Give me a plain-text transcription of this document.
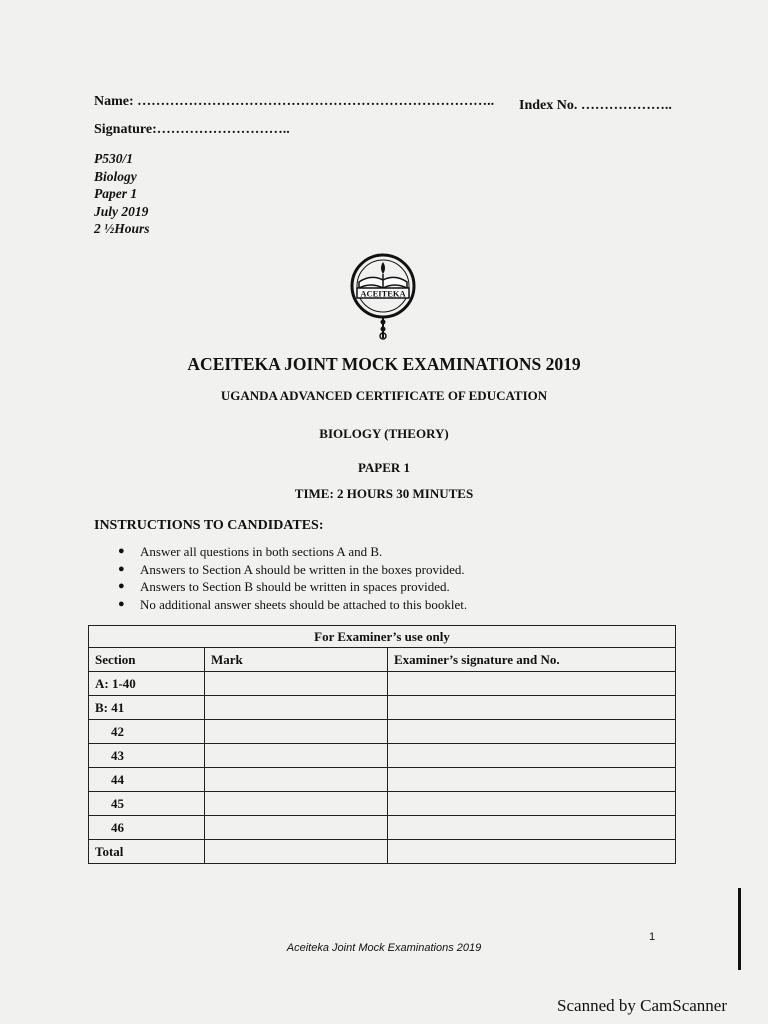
Name: ………………………………………………………………….. Index No. ………………..
Signature:………………………..
P530/1
Biology
Paper 1
July 2019
2 ½Hours
ACEITEKA
ACEITEKA JOINT MOCK EXAMINATIONS 2019
UGANDA ADVANCED CERTIFICATE OF EDUCATION
BIOLOGY (THEORY)
PAPER 1
TIME: 2 HOURS 30 MINUTES
INSTRUCTIONS TO CANDIDATES:
● Answer all questions in both sections A and B.
● Answers to Section A should be written in the boxes provided.
● Answers to Section B should be written in spaces provided.
● No additional answer sheets should be attached to this booklet.
For Examiner’s use only		
Section	Mark	Examiner’s signature and No.
A: 1-40		
B: 41		
42		
43		
44		
45		
46		
Total		
1
Aceiteka Joint Mock Examinations 2019
Scanned by CamScanner
